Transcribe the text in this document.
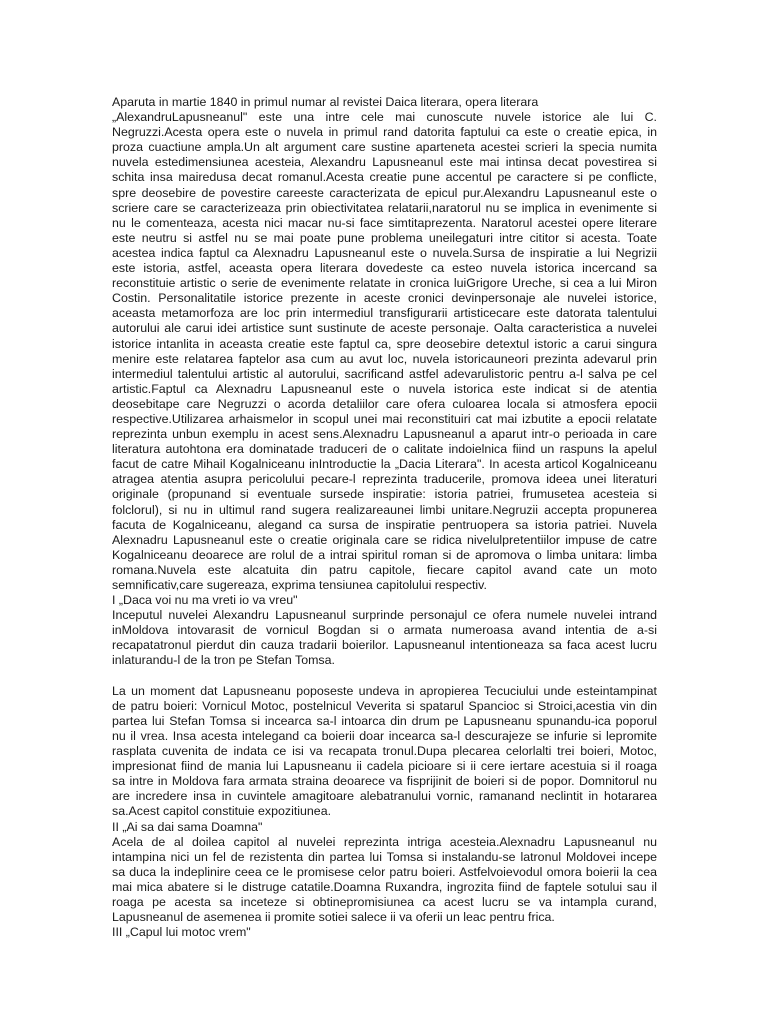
Aparuta in martie 1840 in primul numar al revistei Daica literara, opera literara
„AlexandruLapusneanul" este una intre cele mai cunoscute nuvele istorice ale lui C.
Negruzzi.Acesta opera este o nuvela in primul rand datorita faptului ca este o creatie epica, in
proza cuactiune ampla.Un alt argument care sustine aparteneta acestei scrieri la specia numita
nuvela estedimensiunea acesteia, Alexandru Lapusneanul este mai intinsa decat povestirea si
schita insa mairedusa decat romanul.Acesta creatie pune accentul pe caractere si pe conflicte,
spre deosebire de povestire careeste caracterizata de epicul pur.Alexandru Lapusneanul este o
scriere care se caracterizeaza prin obiectivitatea relatarii,naratorul nu se implica in evenimente si
nu le comenteaza, acesta nici macar nu-si face simtitaprezenta. Naratorul acestei opere literare
este neutru si astfel nu se mai poate pune problema uneilegaturi intre cititor si acesta. Toate
acestea indica faptul ca Alexnadru Lapusneanul este o nuvela.Sursa de inspiratie a lui Negrizii
este istoria, astfel, aceasta opera literara dovedeste ca esteo nuvela istorica incercand sa
reconstituie artistic o serie de evenimente relatate in cronica luiGrigore Ureche, si cea a lui Miron
Costin. Personalitatile istorice prezente in aceste cronici devinpersonaje ale nuvelei istorice,
aceasta metamorfoza are loc prin intermediul transfigurarii artisticecare este datorata talentului
autorului ale carui idei artistice sunt sustinute de aceste personaje. Oalta caracteristica a nuvelei
istorice intanlita in aceasta creatie este faptul ca, spre deosebire detextul istoric a carui singura
menire este relatarea faptelor asa cum au avut loc, nuvela istoricauneori prezinta adevarul prin
intermediul talentului artistic al autorului, sacrificand astfel adevarulistoric pentru a-l salva pe cel
artistic.Faptul ca Alexnadru Lapusneanul este o nuvela istorica este indicat si de atentia
deosebitape care Negruzzi o acorda detaliilor care ofera culoarea locala si atmosfera epocii
respective.Utilizarea arhaismelor in scopul unei mai reconstituiri cat mai izbutite a epocii relatate
reprezinta unbun exemplu in acest sens.Alexnadru Lapusneanul a aparut intr-o perioada in care
literatura autohtona era dominatade traduceri de o calitate indoielnica fiind un raspuns la apelul
facut de catre Mihail Kogalniceanu inIntroductie la „Dacia Literara". In acesta articol Kogalniceanu
atragea atentia asupra pericolului pecare-l reprezinta traducerile, promova ideea unei literaturi
originale (propunand si eventuale sursede inspiratie: istoria patriei, frumusetea acesteia si
folclorul), si nu in ultimul rand sugera realizareaunei limbi unitare.Negruzii accepta propunerea
facuta de Kogalniceanu, alegand ca sursa de inspiratie pentruopera sa istoria patriei. Nuvela
Alexnadru Lapusneanul este o creatie originala care se ridica nivelulpretentiilor impuse de catre
Kogalniceanu deoarece are rolul de a intrai spiritul roman si de apromova o limba unitara: limba
romana.Nuvela este alcatuita din patru capitole, fiecare capitol avand cate un moto
semnificativ,care sugereaza, exprima tensiunea capitolului respectiv.
I „Daca voi nu ma vreti io va vreu"
Inceputul nuvelei Alexandru Lapusneanul surprinde personajul ce ofera numele nuvelei intrand
inMoldova intovarasit de vornicul Bogdan si o armata numeroasa avand intentia de a-si
recapatatronul pierdut din cauza tradarii boierilor. Lapusneanul intentioneaza sa faca acest lucru
inlaturandu-l de la tron pe Stefan Tomsa.
La un moment dat Lapusneanu poposeste undeva in apropierea Tecuciului unde esteintampinat
de patru boieri: Vornicul Motoc, postelnicul Veverita si spatarul Spancioc si Stroici,acestia vin din
partea lui Stefan Tomsa si incearca sa-l intoarca din drum pe Lapusneanu spunandu-ica poporul
nu il vrea. Insa acesta intelegand ca boierii doar incearca sa-l descurajeze se infurie si lepromite
rasplata cuvenita de indata ce isi va recapata tronul.Dupa plecarea celorlalti trei boieri, Motoc,
impresionat fiind de mania lui Lapusneanu ii cadela picioare si ii cere iertare acestuia si il roaga
sa intre in Moldova fara armata straina deoarece va fisprijinit de boieri si de popor. Domnitorul nu
are incredere insa in cuvintele amagitoare alebatranului vornic, ramanand neclintit in hotararea
sa.Acest capitol constituie expozitiunea.
II „Ai sa dai sama Doamna"
Acela de al doilea capitol al nuvelei reprezinta intriga acesteia.Alexnadru Lapusneanul nu
intampina nici un fel de rezistenta din partea lui Tomsa si instalandu-se latronul Moldovei incepe
sa duca la indeplinire ceea ce le promisese celor patru boieri. Astfelvoievodul omora boierii la cea
mai mica abatere si le distruge catatile.Doamna Ruxandra, ingrozita fiind de faptele sotului sau il
roaga pe acesta sa inceteze si obtinepromisiunea ca acest lucru se va intampla curand,
Lapusneanul de asemenea ii promite sotiei salece ii va oferii un leac pentru frica.
III „Capul lui motoc vrem"
